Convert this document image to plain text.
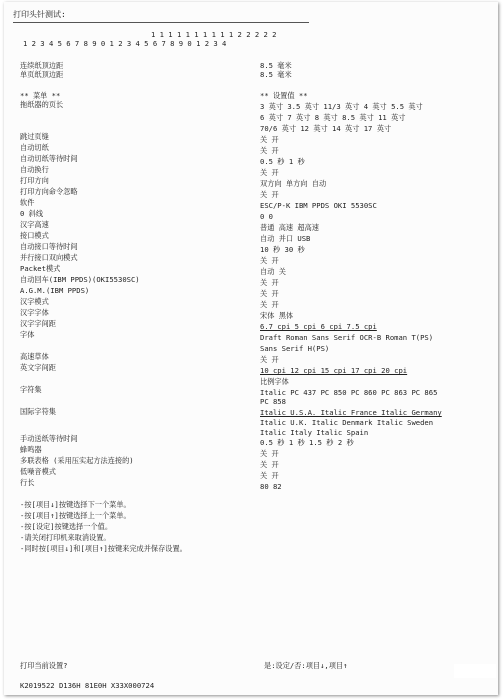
打印头针测试:
1 1 1 1 1 1 1 1 1 1 2 2 2 2 2
1 2 3 4 5 6 7 8 9 0 1 2 3 4 5 6 7 8 9 0 1 2 3 4
连续纸顶边距
单页纸顶边距
** 菜单 **
拖纸器的页长
跳过页缝
自动切纸
自动切纸等待时间
自动换行
打印方向
打印方向命令忽略
软件
0 斜线
汉字高速
接口模式
自动接口等待时间
并行接口双向模式
Packet模式
自动回车(IBM PPDS)(OKI5530SC)
A.G.M.(IBM PPDS)
汉字模式
汉字字体
汉字字间距
字体
高速草体
英文字间距
字符集
国际字符集
手动送纸等待时间
蜂鸣器
多联表格 (采用压实起方法连接的)
低噪音模式
行长
8.5 毫米
8.5 毫米
** 设置值 **
3 英寸 3.5 英寸 11/3 英寸 4 英寸 5.5 英寸
6 英寸 7 英寸 8 英寸 8.5 英寸 11 英寸
70/6 英寸 12 英寸 14 英寸 17 英寸
关 开
关 开
0.5 秒 1 秒
关 开
双方向 单方向 自动
关 开
ESC/P-K IBM PPDS OKI 5530SC
0 0
普通 高速 超高速
自动 并口 USB
10 秒 30 秒
关 开
自动 关
关 开
关 开
关 开
宋体 黑体
6.7 cpi 5 cpi 6 cpi 7.5 cpi
Draft Roman Sans Serif OCR-B Roman T(PS)
Sans Serif H(PS)
关 开
10 cpi 12 cpi 15 cpi 17 cpi 20 cpi
比例字体
Italic PC 437 PC 850 PC 860 PC 863 PC 865
PC 858
Italic U.S.A. Italic France Italic Germany
Italic U.K. Italic Denmark Italic Sweden
Italic Italy Italic Spain
0.5 秒 1 秒 1.5 秒 2 秒
关 开
关 开
关 开
80 82
-按[项目↓]按键选择下一个菜单。
-按[项目↑]按键选择上一个菜单。
-按[设定]按键选择一个值。
-请关闭打印机来取消设置。
-同时按[项目↓]和[项目↑]按键来完成并保存设置。
打印当前设置?	是:设定/否:项目↓,项目↑
K2019522 D136H 81E0H X33X000724
